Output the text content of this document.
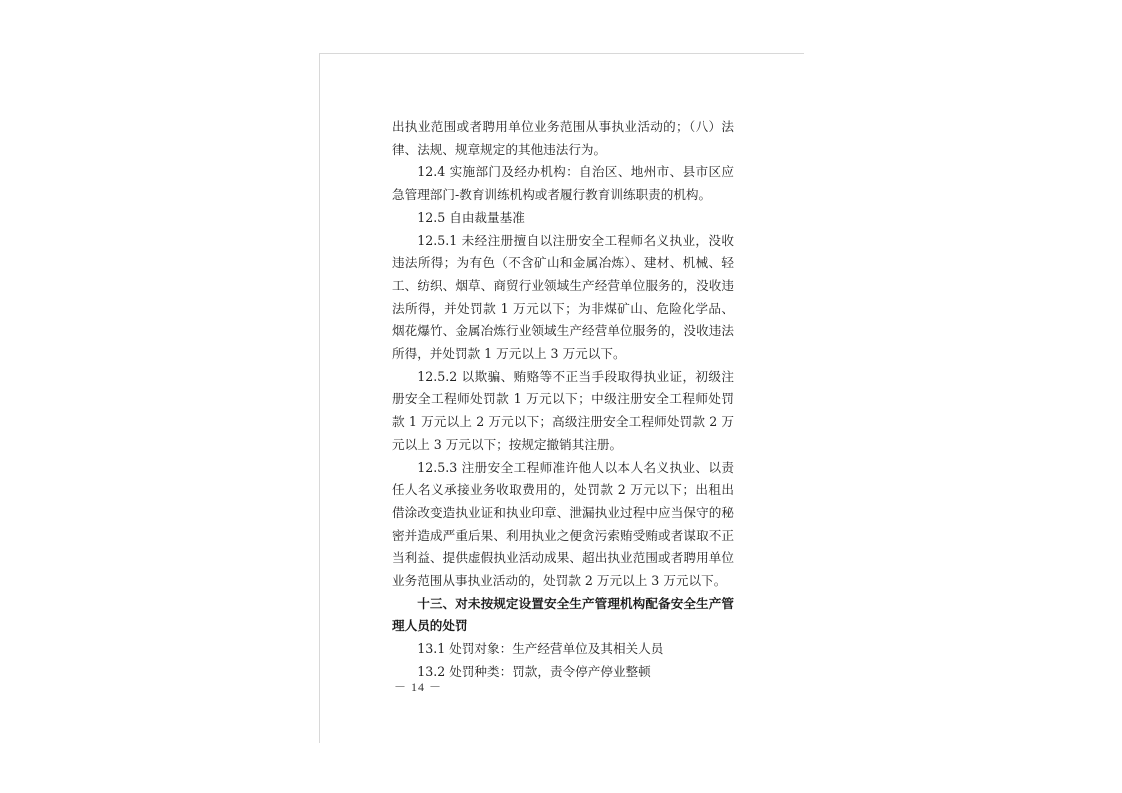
出执业范围或者聘用单位业务范围从事执业活动的；（八）法律、法规、规章规定的其他违法行为。

12.4 实施部门及经办机构：自治区、地州市、县市区应急管理部门-教育训练机构或者履行教育训练职责的机构。

12.5 自由裁量基准

12.5.1 未经注册擅自以注册安全工程师名义执业，没收违法所得；为有色（不含矿山和金属冶炼）、建材、机械、轻工、纺织、烟草、商贸行业领域生产经营单位服务的，没收违法所得，并处罚款 1 万元以下；为非煤矿山、危险化学品、烟花爆竹、金属冶炼行业领域生产经营单位服务的，没收违法所得，并处罚款 1 万元以上 3 万元以下。

12.5.2 以欺骗、贿赂等不正当手段取得执业证，初级注册安全工程师处罚款 1 万元以下；中级注册安全工程师处罚款 1 万元以上 2 万元以下；高级注册安全工程师处罚款 2 万元以上 3 万元以下；按规定撤销其注册。

12.5.3 注册安全工程师准许他人以本人名义执业、以责任人名义承接业务收取费用的，处罚款 2 万元以下；出租出借涂改变造执业证和执业印章、泄漏执业过程中应当保守的秘密并造成严重后果、利用执业之便贪污索贿受贿或者谋取不正当利益、提供虚假执业活动成果、超出执业范围或者聘用单位业务范围从事执业活动的，处罚款 2 万元以上 3 万元以下。

十三、对未按规定设置安全生产管理机构配备安全生产管理人员的处罚

13.1 处罚对象：生产经营单位及其相关人员

13.2 处罚种类：罚款，责令停产停业整顿

－ 14 －
